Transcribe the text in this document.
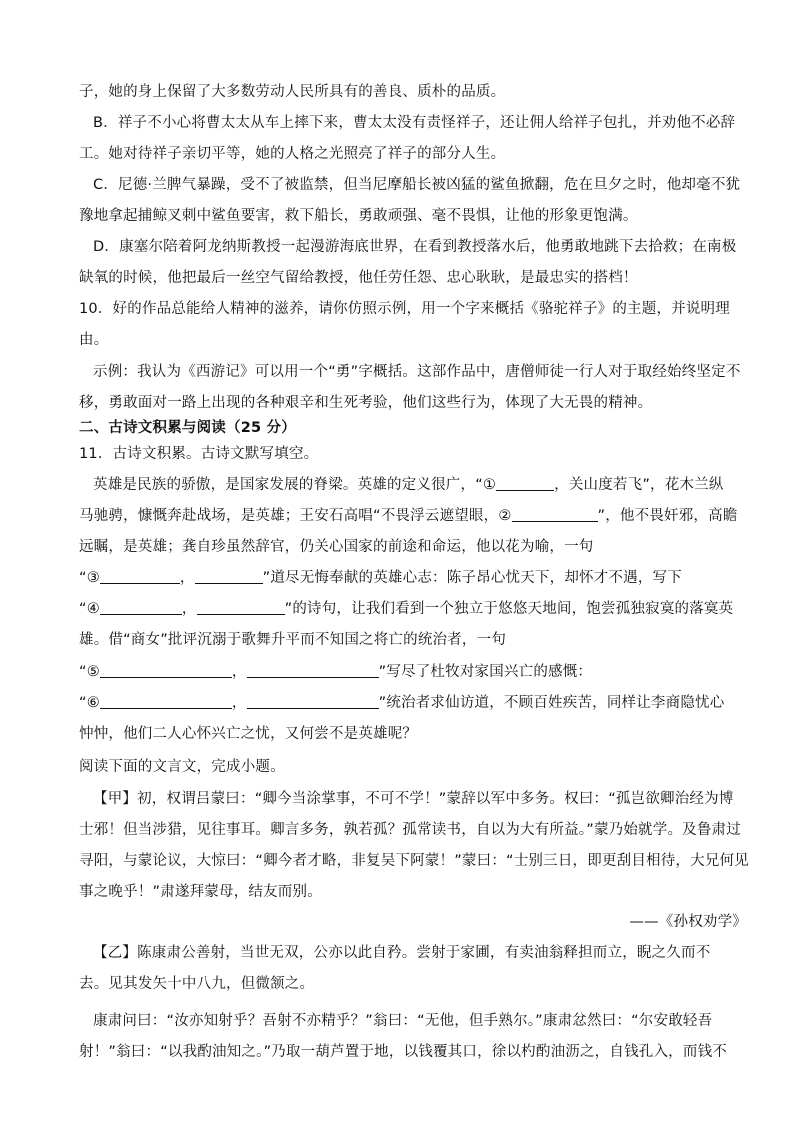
子，她的身上保留了大多数劳动人民所具有的善良、质朴的品质。
B．祥子不小心将曹太太从车上摔下来，曹太太没有责怪祥子，还让佣人给祥子包扎，并劝他不必辞
工。她对待祥子亲切平等，她的人格之光照亮了祥子的部分人生。
C．尼德·兰脾气暴躁，受不了被监禁，但当尼摩船长被凶猛的鲨鱼掀翻，危在旦夕之时，他却毫不犹
豫地拿起捕鲸叉刺中鲨鱼要害，救下船长，勇敢顽强、毫不畏惧，让他的形象更饱满。
D．康塞尔陪着阿龙纳斯教授一起漫游海底世界，在看到教授落水后，他勇敢地跳下去拾救；在南极
缺氧的时候，他把最后一丝空气留给教授，他任劳任怨、忠心耿耿，是最忠实的搭档！
10．好的作品总能给人精神的滋养，请你仿照示例，用一个字来概括《骆驼祥子》的主题，并说明理
由。
示例：我认为《西游记》可以用一个“勇”字概括。这部作品中，唐僧师徒一行人对于取经始终坚定不
移，勇敢面对一路上出现的各种艰辛和生死考验，他们这些行为，体现了大无畏的精神。
二、古诗文积累与阅读（25 分）
11．古诗文积累。古诗文默写填空。
英雄是民族的骄傲，是国家发展的脊梁。英雄的定义很广，“①	，关山度若飞”，花木兰纵
马驰骋，慷慨奔赴战场，是英雄；王安石高唱“不畏浮云遮望眼，②	”，他不畏奸邪，高瞻
远瞩，是英雄；龚自珍虽然辞官，仍关心国家的前途和命运，他以花为喻，一句
“③	，	”道尽无悔奉献的英雄心志：陈子昂心忧天下，却怀才不遇，写下
“④	，	”的诗句，让我们看到一个独立于悠悠天地间，饱尝孤独寂寞的落寞英
雄。借“商女”批评沉溺于歌舞升平而不知国之将亡的统治者，一句
“⑤	，	”写尽了杜牧对家国兴亡的感慨：
“⑥	，	”统治者求仙访道，不顾百姓疾苦，同样让李商隐忧心
忡忡，他们二人心怀兴亡之忧，又何尝不是英雄呢？
阅读下面的文言文，完成小题。
【甲】初，权谓吕蒙曰：“卿今当涂掌事，不可不学！”蒙辞以军中多务。权曰：“孤岂欲卿治经为博
士邪！但当涉猎，见往事耳。卿言多务，孰若孤？孤常读书，自以为大有所益。”蒙乃始就学。及鲁肃过
寻阳，与蒙论议，大惊曰：“卿今者才略，非复吴下阿蒙！”蒙曰：“士别三日，即更刮目相待，大兄何见
事之晚乎！”肃遂拜蒙母，结友而别。
——《孙权劝学》
【乙】陈康肃公善射，当世无双，公亦以此自矜。尝射于家圃，有卖油翁释担而立，睨之久而不
去。见其发矢十中八九，但微颔之。
康肃问曰：“汝亦知射乎？吾射不亦精乎？”翁曰：“无他，但手熟尔。”康肃忿然曰：“尔安敢轻吾
射！”翁曰：“以我酌油知之。”乃取一葫芦置于地，以钱覆其口，徐以杓酌油沥之，自钱孔入，而钱不
